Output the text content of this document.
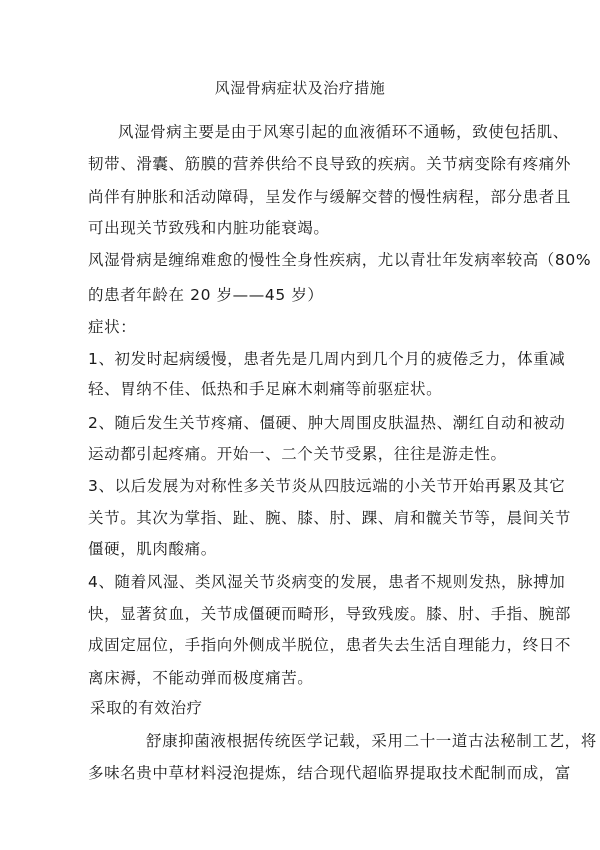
风湿骨病症状及治疗措施
风湿骨病主要是由于风寒引起的血液循环不通畅，致使包括肌、
韧带、滑囊、筋膜的营养供给不良导致的疾病。关节病变除有疼痛外
尚伴有肿胀和活动障碍，呈发作与缓解交替的慢性病程，部分患者且
可出现关节致残和内脏功能衰竭。
风湿骨病是缠绵难愈的慢性全身性疾病，尤以青壮年发病率较高（80%
的患者年龄在 20 岁——45 岁）
症状：
1、初发时起病缓慢，患者先是几周内到几个月的疲倦乏力，体重减
轻、胃纳不佳、低热和手足麻木刺痛等前驱症状。
2、随后发生关节疼痛、僵硬、肿大周围皮肤温热、潮红自动和被动
运动都引起疼痛。开始一、二个关节受累，往往是游走性。
3、以后发展为对称性多关节炎从四肢远端的小关节开始再累及其它
关节。其次为掌指、趾、腕、膝、肘、踝、肩和髋关节等，晨间关节
僵硬，肌肉酸痛。
4、随着风湿、类风湿关节炎病变的发展，患者不规则发热，脉搏加
快，显著贫血，关节成僵硬而畸形，导致残废。膝、肘、手指、腕部
成固定屈位，手指向外侧成半脱位，患者失去生活自理能力，终日不
离床褥，不能动弹而极度痛苦。
采取的有效治疗
舒康抑菌液根据传统医学记载，采用二十一道古法秘制工艺，将
多味名贵中草材料浸泡提炼，结合现代超临界提取技术配制而成，富
